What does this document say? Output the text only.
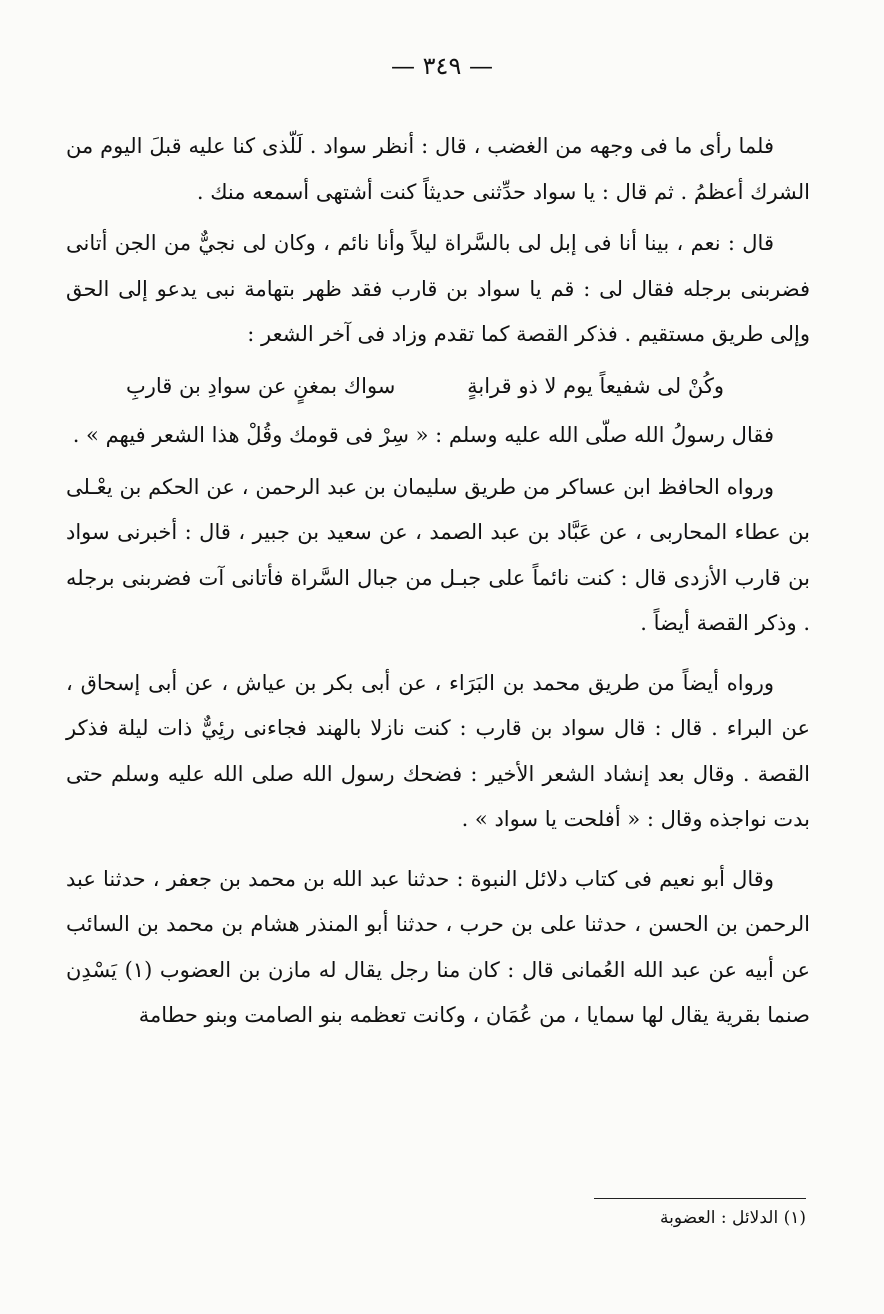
— ٣٤٩ —

فلما رأى ما فى وجهه من الغضب ، قال : أنظر سواد . لَلّذى كنا عليه قبلَ اليوم من الشرك أعظمُ . ثم قال : يا سواد حدِّثنى حديثاً كنت أشتهى أسمعه منك .

قال : نعم ، بينا أنا فى إبل لى بالسَّراة ليلاً وأنا نائم ، وكان لى نجيٌّ من الجن أتانى فضربنى برجله فقال لى : قم يا سواد بن قارب فقد ظهر بتهامة نبى يدعو إلى الحق وإلى طريق مستقيم . فذكر القصة كما تقدم وزاد فى آخر الشعر :

وكُنْ لى شفيعاً يوم لا ذو قرابةٍ
سواك بمغنٍ عن سوادِ بن قاربِ

فقال رسولُ الله صلّى الله عليه وسلم : « سِرْ فى قومك وقُلْ هذا الشعر فيهم » .

ورواه الحافظ ابن عساكر من طريق سليمان بن عبد الرحمن ، عن الحكم بن يعْـلى بن عطاء المحاربى ، عن عَبَّاد بن عبد الصمد ، عن سعيد بن جبير ، قال : أخبرنى سواد بن قارب الأزدى قال : كنت نائماً على جبـل من جبال السَّراة فأتانى آت فضربنى برجله . وذكر القصة أيضاً .

ورواه أيضاً من طريق محمد بن البَرَاء ، عن أبى بكر بن عياش ، عن أبى إسحاق ، عن البراء . قال : قال سواد بن قارب : كنت نازلا بالهند فجاءنى رئِيٌّ ذات ليلة فذكر القصة . وقال بعد إنشاد الشعر الأخير : فضحك رسول الله صلى الله عليه وسلم حتى بدت نواجذه وقال : « أفلحت يا سواد » .

وقال أبو نعيم فى كتاب دلائل النبوة : حدثنا عبد الله بن محمد بن جعفر ، حدثنا عبد الرحمن بن الحسن ، حدثنا على بن حرب ، حدثنا أبو المنذر هشام بن محمد بن السائب عن أبيه عن عبد الله العُمانى قال : كان منا رجل يقال له مازن بن العضوب (١) يَسْدِن صنما بقرية يقال لها سمايا ، من عُمَان ، وكانت تعظمه بنو الصامت وبنو حطامة

(١) الدلائل : العضوبة
